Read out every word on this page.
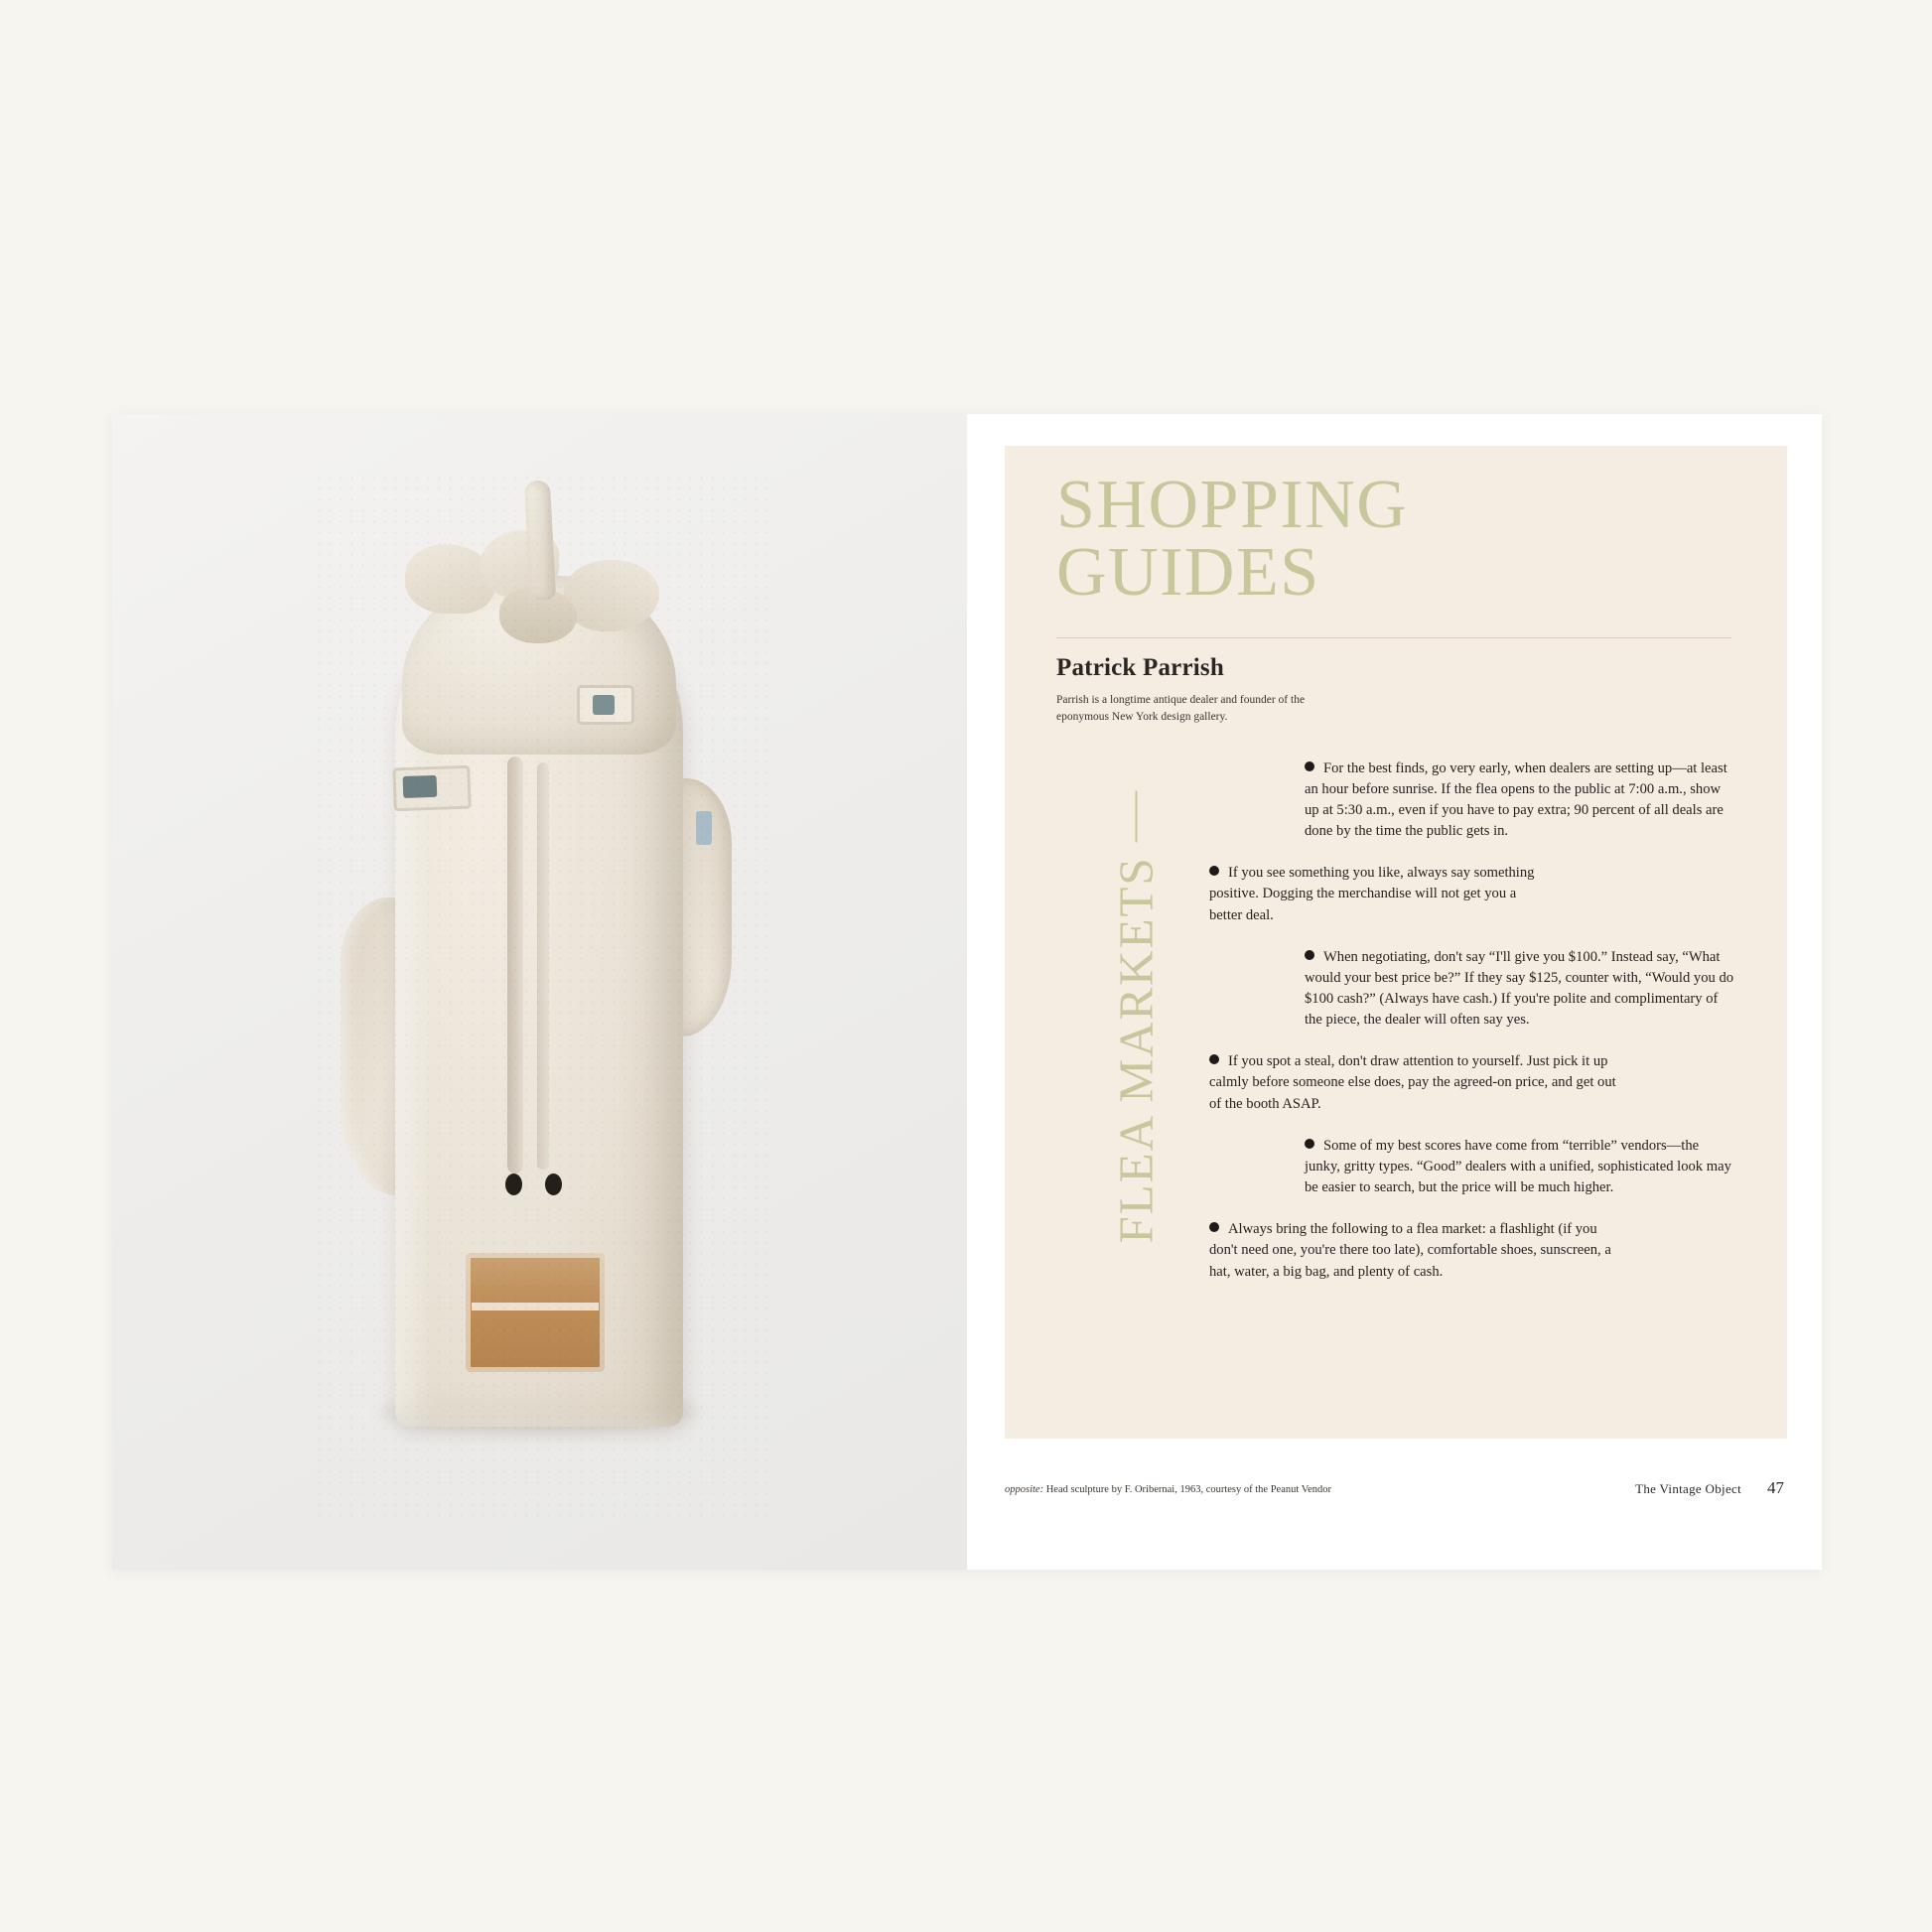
SHOPPING
GUIDES
Patrick Parrish
Parrish is a longtime antique dealer and founder of the eponymous New York design gallery.
FLEA MARKETS

For the best finds, go very early, when dealers are setting up—at least an hour before sunrise. If the flea opens to the public at 7:00 a.m., show up at 5:30 a.m., even if you have to pay extra; 90 percent of all deals are done by the time the public gets in.

If you see something you like, always say something positive. Dogging the merchandise will not get you a better deal.

When negotiating, don't say “I'll give you $100.” Instead say, “What would your best price be?” If they say $125, counter with, “Would you do $100 cash?” (Always have cash.) If you're polite and complimentary of the piece, the dealer will often say yes.

If you spot a steal, don't draw attention to yourself. Just pick it up calmly before someone else does, pay the agreed-on price, and get out of the booth ASAP.

Some of my best scores have come from “terrible” vendors—the junky, gritty types. “Good” dealers with a unified, sophisticated look may be easier to search, but the price will be much higher.

Always bring the following to a flea market: a flashlight (if you don't need one, you're there too late), comfortable shoes, sunscreen, a hat, water, a big bag, and plenty of cash.

opposite: Head sculpture by F. Oribernai, 1963, courtesy of the Peanut Vendor	The Vintage Object 47
